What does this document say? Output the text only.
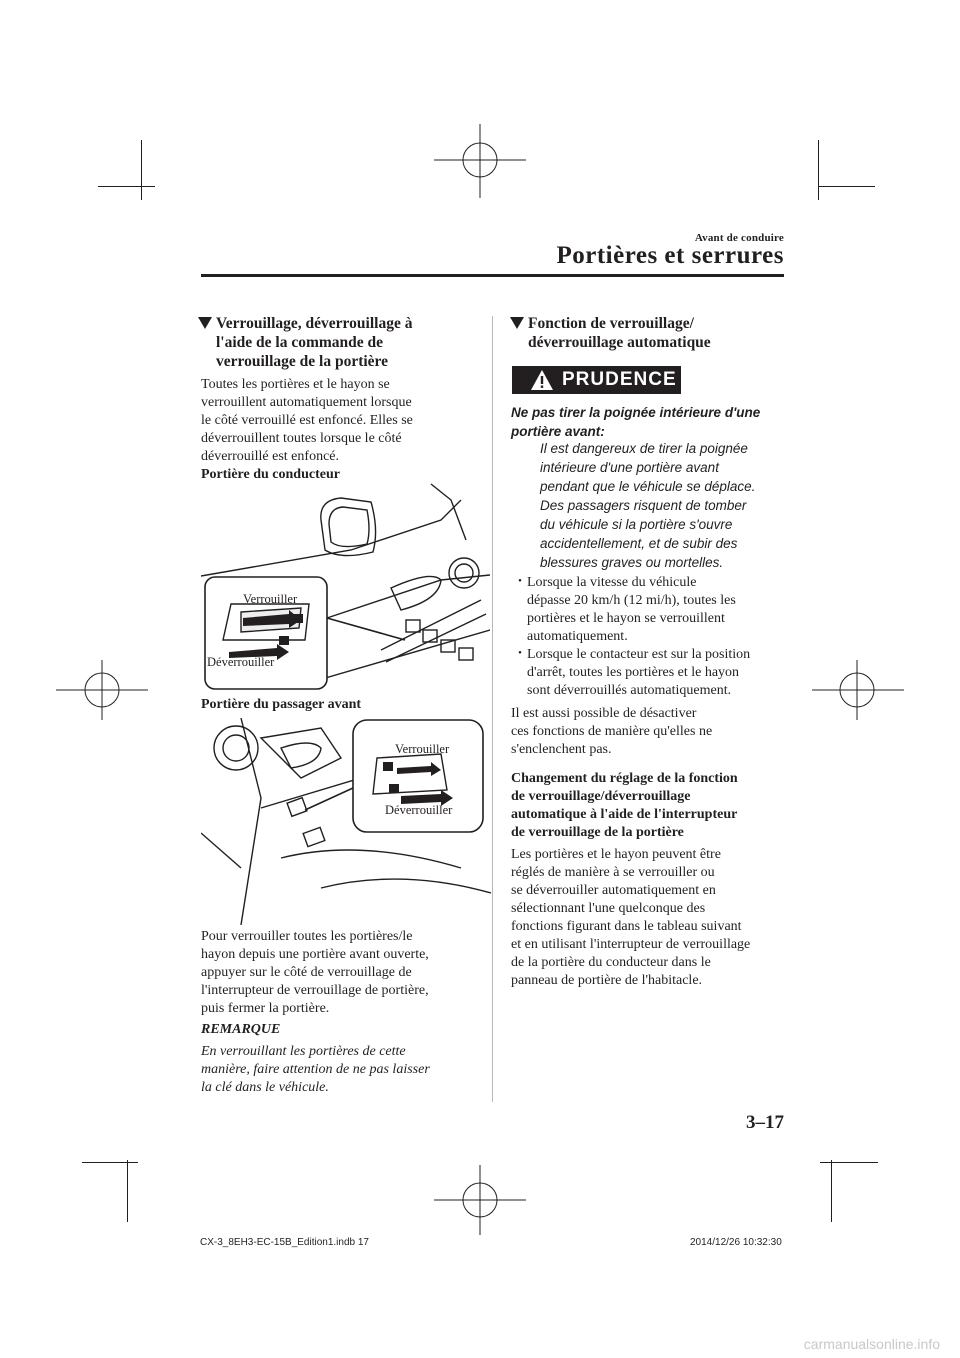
Avant de conduire
Portières et serrures
Verrouillage, déverrouillage à
l'aide de la commande de
verrouillage de la portière
Toutes les portières et le hayon se
verrouillent automatiquement lorsque
le côté verrouillé est enfoncé. Elles se
déverrouillent toutes lorsque le côté
déverrouillé est enfoncé.
Portière du conducteur
Verrouiller
Déverrouiller
Portière du passager avant
Verrouiller
Déverrouiller
Pour verrouiller toutes les portières/le
hayon depuis une portière avant ouverte,
appuyer sur le côté de verrouillage de
l'interrupteur de verrouillage de portière,
puis fermer la portière.
REMARQUE
En verrouillant les portières de cette
manière, faire attention de ne pas laisser
la clé dans le véhicule.
Fonction de verrouillage/
déverrouillage automatique
PRUDENCE
Ne pas tirer la poignée intérieure d'une
portière avant:
Il est dangereux de tirer la poignée
intérieure d'une portière avant
pendant que le véhicule se déplace.
Des passagers risquent de tomber
du véhicule si la portière s'ouvre
accidentellement, et de subir des
blessures graves ou mortelles.
・ Lorsque la vitesse du véhicule
dépasse 20 km/h (12 mi/h), toutes les
portières et le hayon se verrouillent
automatiquement.
・ Lorsque le contacteur est sur la position
d'arrêt, toutes les portières et le hayon
sont déverrouillés automatiquement.
Il est aussi possible de désactiver
ces fonctions de manière qu'elles ne
s'enclenchent pas.
Changement du réglage de la fonction
de verrouillage/déverrouillage
automatique à l'aide de l'interrupteur
de verrouillage de la portière
Les portières et le hayon peuvent être
réglés de manière à se verrouiller ou
se déverrouiller automatiquement en
sélectionnant l'une quelconque des
fonctions figurant dans le tableau suivant
et en utilisant l'interrupteur de verrouillage
de la portière du conducteur dans le
panneau de portière de l'habitacle.
3–17
CX-3_8EH3-EC-15B_Edition1.indb 17	2014/12/26 10:32:30
carmanualsonline.info
